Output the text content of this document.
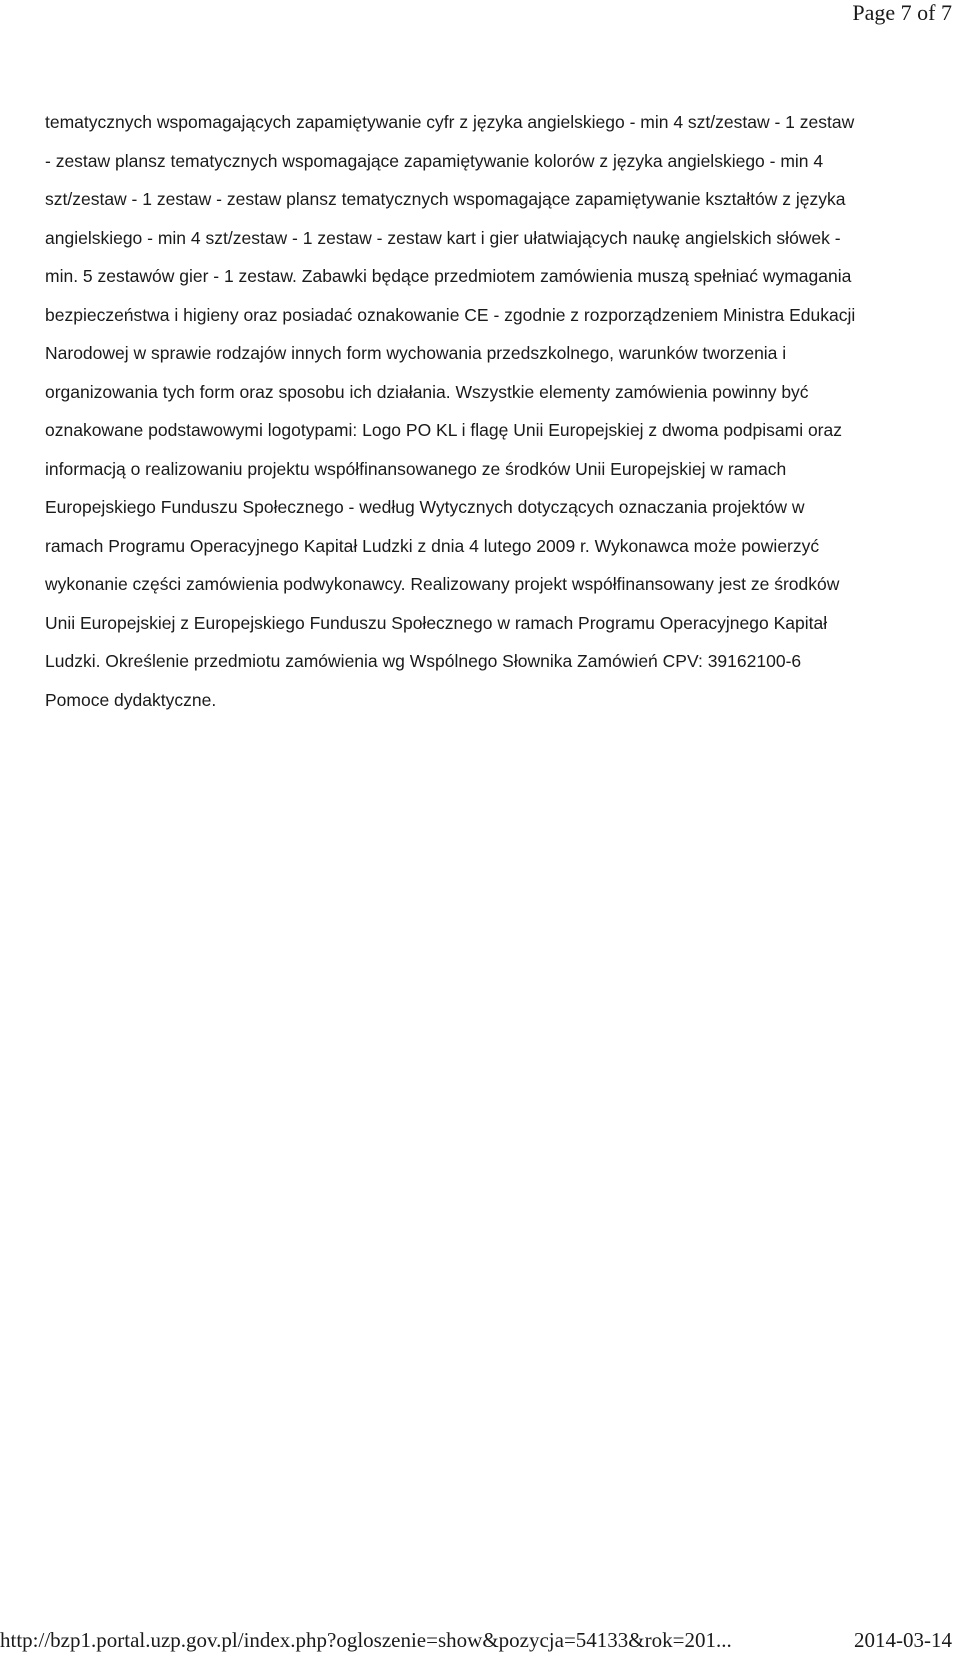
Page 7 of 7
tematycznych wspomagających zapamiętywanie cyfr z języka angielskiego - min 4 szt/zestaw - 1 zestaw
- zestaw plansz tematycznych wspomagające zapamiętywanie kolorów z języka angielskiego - min 4
szt/zestaw - 1 zestaw - zestaw plansz tematycznych wspomagające zapamiętywanie kształtów z języka
angielskiego - min 4 szt/zestaw - 1 zestaw - zestaw kart i gier ułatwiających naukę angielskich słówek -
min. 5 zestawów gier - 1 zestaw. Zabawki będące przedmiotem zamówienia muszą spełniać wymagania
bezpieczeństwa i higieny oraz posiadać oznakowanie CE - zgodnie z rozporządzeniem Ministra Edukacji
Narodowej w sprawie rodzajów innych form wychowania przedszkolnego, warunków tworzenia i
organizowania tych form oraz sposobu ich działania. Wszystkie elementy zamówienia powinny być
oznakowane podstawowymi logotypami: Logo PO KL i flagę Unii Europejskiej z dwoma podpisami oraz
informacją o realizowaniu projektu współfinansowanego ze środków Unii Europejskiej w ramach
Europejskiego Funduszu Społecznego - według Wytycznych dotyczących oznaczania projektów w
ramach Programu Operacyjnego Kapitał Ludzki z dnia 4 lutego 2009 r. Wykonawca może powierzyć
wykonanie części zamówienia podwykonawcy. Realizowany projekt współfinansowany jest ze środków
Unii Europejskiej z Europejskiego Funduszu Społecznego w ramach Programu Operacyjnego Kapitał
Ludzki. Określenie przedmiotu zamówienia wg Wspólnego Słownika Zamówień CPV: 39162100-6
Pomoce dydaktyczne.
http://bzp1.portal.uzp.gov.pl/index.php?ogloszenie=show&pozycja=54133&rok=201...	2014-03-14
